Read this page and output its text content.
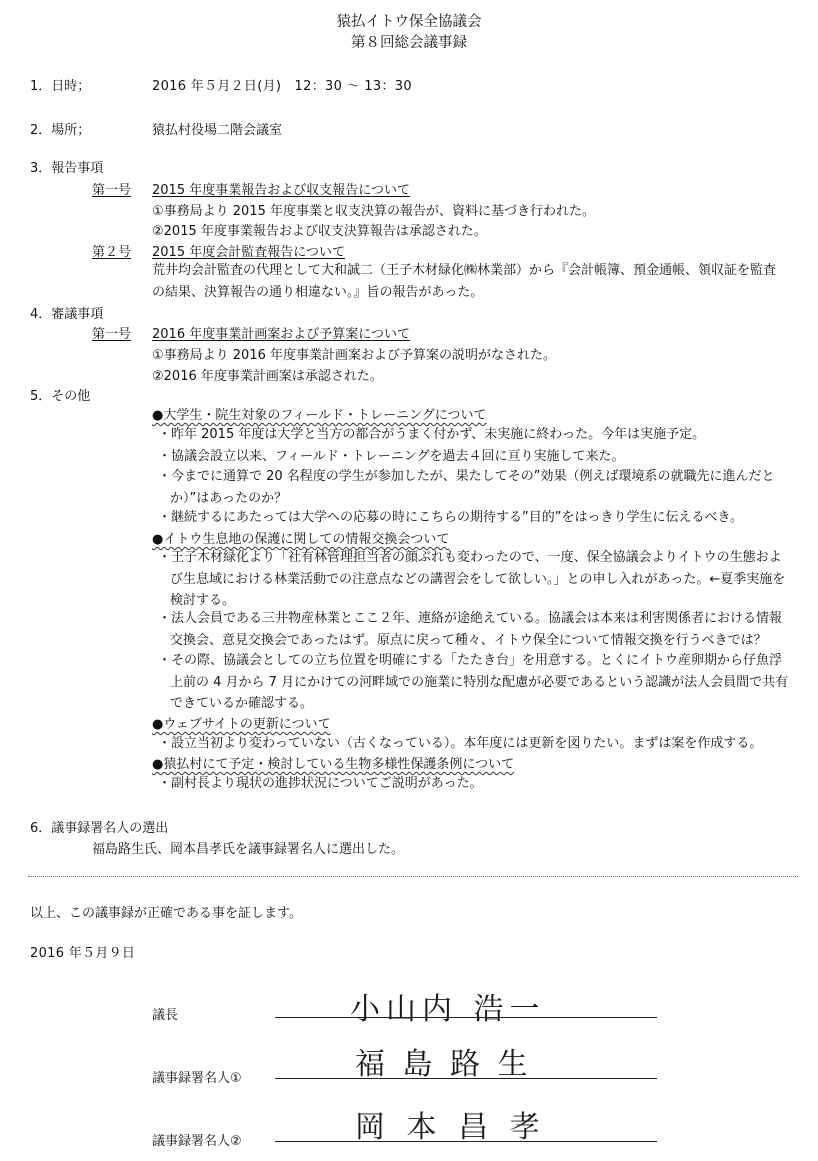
猿払イトウ保全協議会
第８回総会議事録
1．日時；	2016 年５月２日(月)　12：30 ～ 13：30
2．場所；	猿払村役場二階会議室
3．報告事項
第一号 2015 年度事業報告および収支報告について
①事務局より 2015 年度事業と収支決算の報告が、資料に基づき行われた。
②2015 年度事業報告および収支決算報告は承認された。
第２号 2015 年度会計監査報告について
荒井均会計監査の代理として大和誠二（王子木材緑化㈱林業部）から『会計帳簿、預金通帳、領収証を監査の結果、決算報告の通り相違ない。』旨の報告があった。
4．審議事項
第一号 2016 年度事業計画案および予算案について
①事務局より 2016 年度事業計画案および予算案の説明がなされた。
②2016 年度事業計画案は承認された。
5．その他
●大学生・院生対象のフィールド・トレーニングについて
・昨年 2015 年度は大学と当方の都合がうまく付かず、未実施に終わった。今年は実施予定。
・協議会設立以来、フィールド・トレーニングを過去４回に亘り実施して来た。
・今までに通算で 20 名程度の学生が参加したが、果たしてその”効果（例えば環境系の就職先に進んだとか）”はあったのか？
・継続するにあたっては大学への応募の時にこちらの期待する”目的”をはっきり学生に伝えるべき。
●イトウ生息地の保護に関しての情報交換会ついて
・王子木材緑化より「社有林管理担当者の顔ぶれも変わったので、一度、保全協議会よりイトウの生態および生息域における林業活動での注意点などの講習会をして欲しい。」との申し入れがあった。←夏季実施を検討する。
・法人会員である三井物産林業とここ２年、連絡が途絶えている。協議会は本来は利害関係者における情報交換会、意見交換会であったはず。原点に戻って種々、イトウ保全について情報交換を行うべきでは？
・その際、協議会としての立ち位置を明確にする「たたき台」を用意する。とくにイトウ産卵期から仔魚浮上前の 4 月から 7 月にかけての河畔域での施業に特別な配慮が必要であるという認識が法人会員間で共有できているか確認する。
●ウェブサイトの更新について
・設立当初より変わっていない（古くなっている）。本年度には更新を図りたい。まずは案を作成する。
●猿払村にて予定・検討している生物多様性保護条例について
・副村長より現状の進捗状況についてご説明があった。
6．議事録署名人の選出
福島路生氏、岡本昌孝氏を議事録署名人に選出した。
以上、この議事録が正確である事を証します。
2016 年５月９日
議長	小山内 浩一
議事録署名人①	福 島 路 生
議事録署名人②	岡 本 昌 孝
